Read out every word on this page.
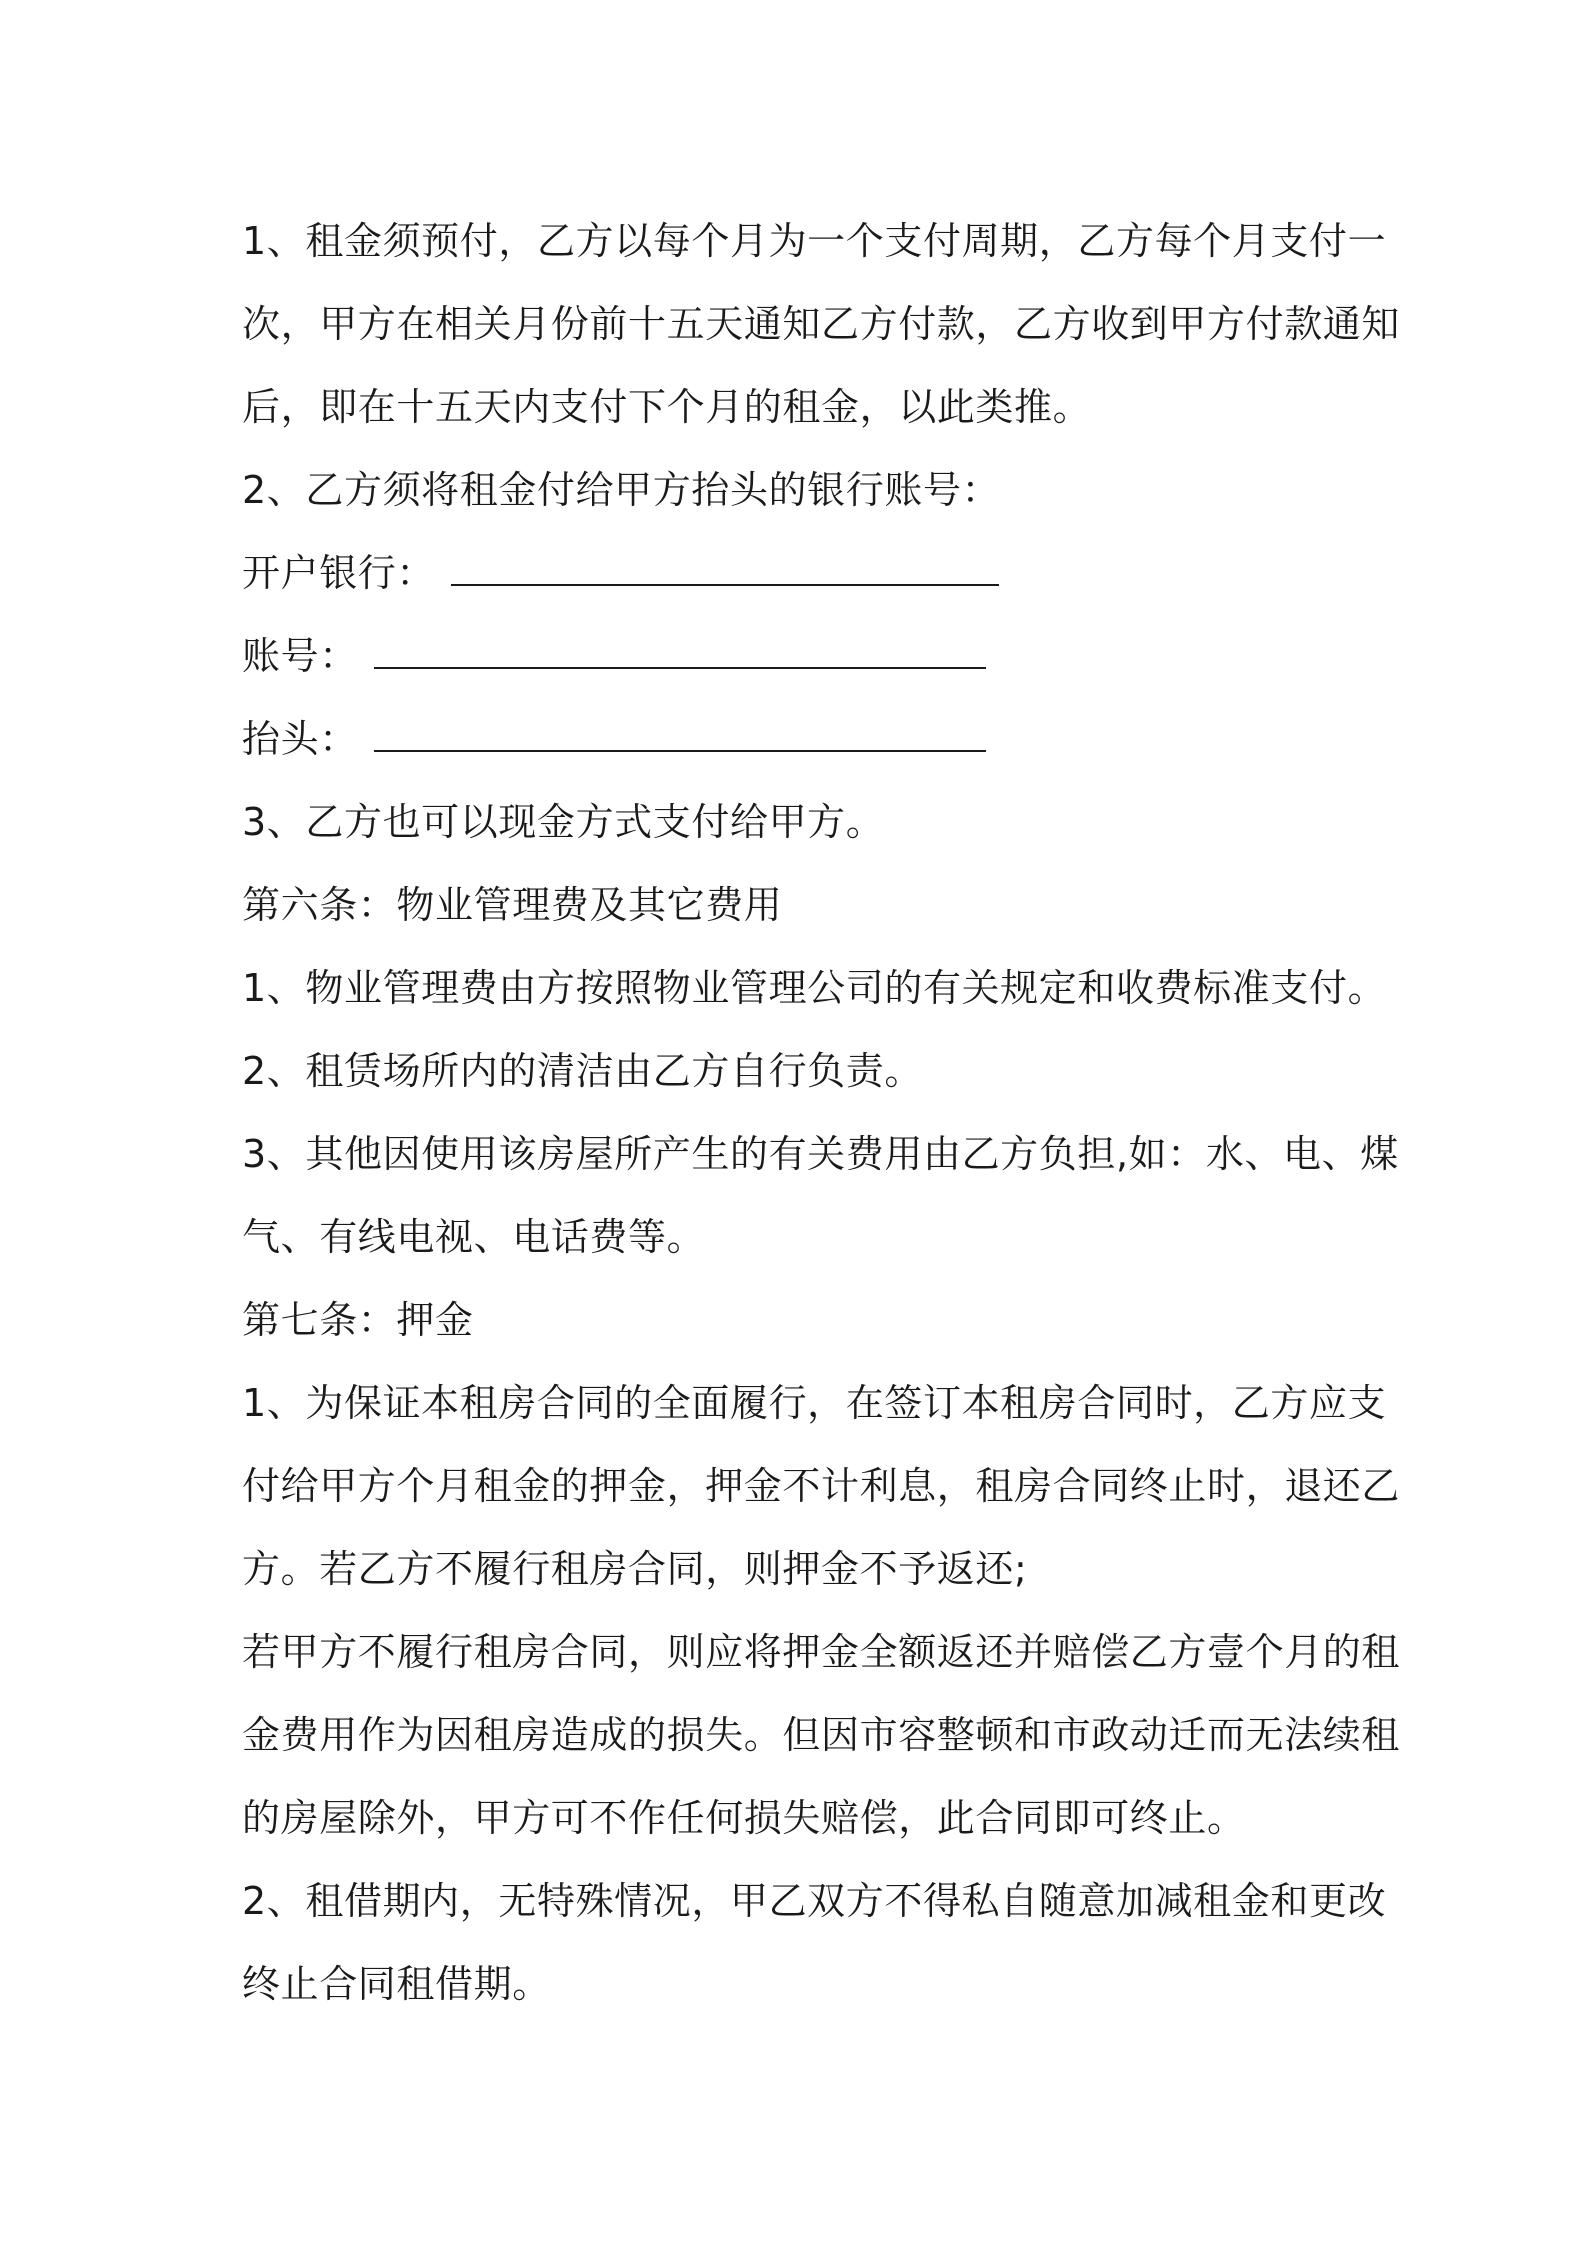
1、租金须预付，乙方以每个月为一个支付周期，乙方每个月支付一
次，甲方在相关月份前十五天通知乙方付款，乙方收到甲方付款通知
后，即在十五天内支付下个月的租金，以此类推。
2、乙方须将租金付给甲方抬头的银行账号：
开户银行：
账号：
抬头：
3、乙方也可以现金方式支付给甲方。
第六条：物业管理费及其它费用
1、物业管理费由方按照物业管理公司的有关规定和收费标准支付。
2、租赁场所内的清洁由乙方自行负责。
3、其他因使用该房屋所产生的有关费用由乙方负担,如：水、电、煤
气、有线电视、电话费等。
第七条：押金
1、为保证本租房合同的全面履行，在签订本租房合同时，乙方应支
付给甲方个月租金的押金，押金不计利息，租房合同终止时，退还乙
方。若乙方不履行租房合同，则押金不予返还;
若甲方不履行租房合同，则应将押金全额返还并赔偿乙方壹个月的租
金费用作为因租房造成的损失。但因市容整顿和市政动迁而无法续租
的房屋除外，甲方可不作任何损失赔偿，此合同即可终止。
2、租借期内，无特殊情况，甲乙双方不得私自随意加减租金和更改
终止合同租借期。
